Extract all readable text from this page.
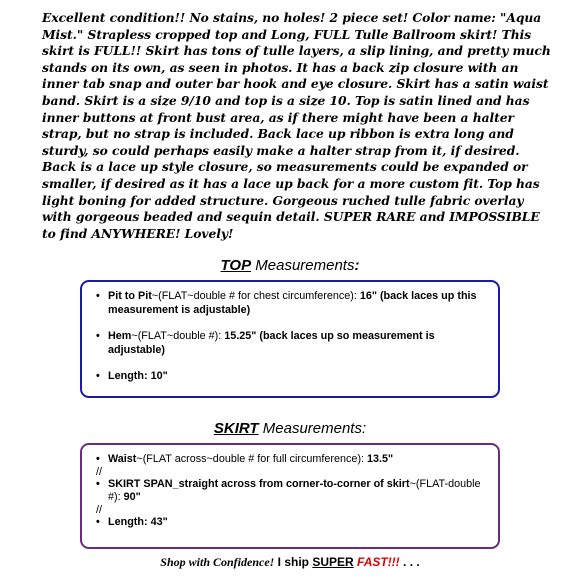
Excellent condition!! No stains, no holes! 2 piece set! Color name: "Aqua Mist." Strapless cropped top and Long, FULL Tulle Ballroom skirt! This skirt is FULL!! Skirt has tons of tulle layers, a slip lining, and pretty much stands on its own, as seen in photos. It has a back zip closure with an inner tab snap and outer bar hook and eye closure. Skirt has a satin waist band. Skirt is a size 9/10 and top is a size 10. Top is satin lined and has inner buttons at front bust area, as if there might have been a halter strap, but no strap is included. Back lace up ribbon is extra long and sturdy, so could perhaps easily make a halter strap from it, if desired. Back is a lace up style closure, so measurements could be expanded or smaller, if desired as it has a lace up back for a more custom fit. Top has light boning for added structure. Gorgeous ruched tulle fabric overlay with gorgeous beaded and sequin detail. SUPER RARE and IMPOSSIBLE to find ANYWHERE! Lovely!

TOP Measurements:

• Pit to Pit~(FLAT~double # for chest circumference): 16" (back laces up this measurement is adjustable)

• Hem~(FLAT~double #): 15.25" (back laces up so measurement is adjustable)

• Length: 10"

SKIRT Measurements:

• Waist~(FLAT across~double # for full circumference): 13.5"

//

• SKIRT SPAN_straight across from corner-to-corner of skirt~(FLAT-double #): 90"

//

• Length: 43"

Shop with Confidence! I ship SUPER FAST!!! . . .
